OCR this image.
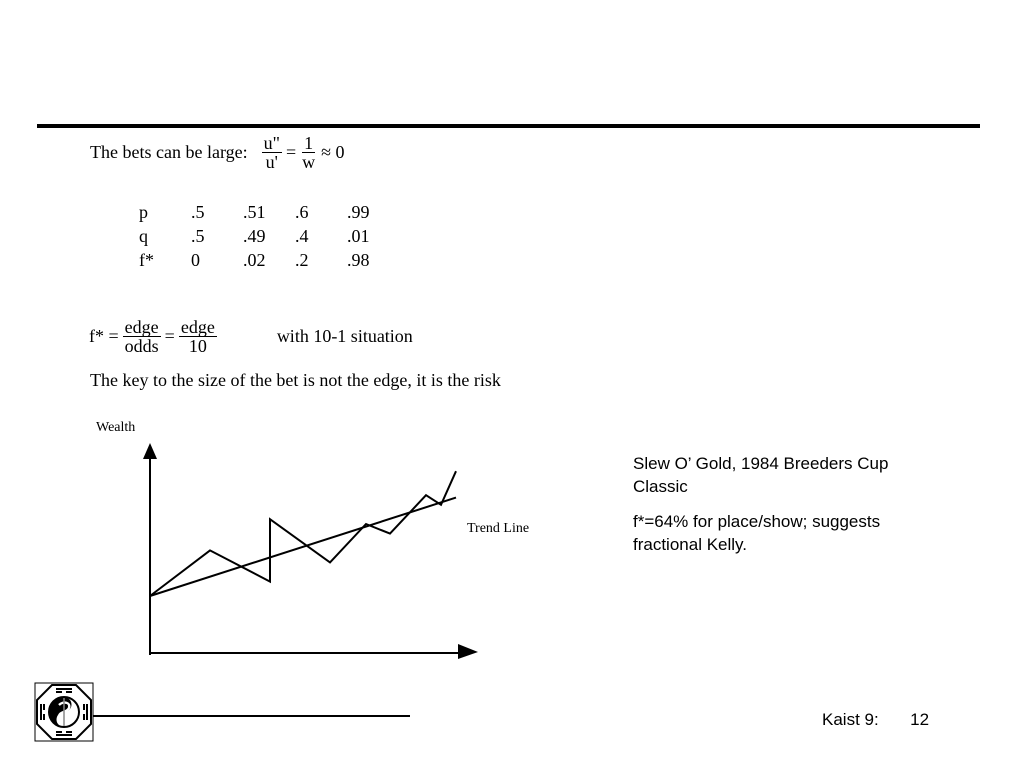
The bets can be large: $\frac{u"}{u'} = \frac{1}{w} \approx 0$
p	.5	.51	.6	.99
q	.5	.49	.4	.01
f*	0	.02	.2	.98
$f* = \frac{\text{edge}}{\text{odds}} = \frac{\text{edge}}{10}$	with 10-1 situation
The key to the size of the bet is not the edge, it is the risk
Wealth
Trend Line

Slew O’ Gold, 1984 Breeders Cup Classic

f*=64% for place/show; suggests fractional Kelly.

Kaist 9: 12
